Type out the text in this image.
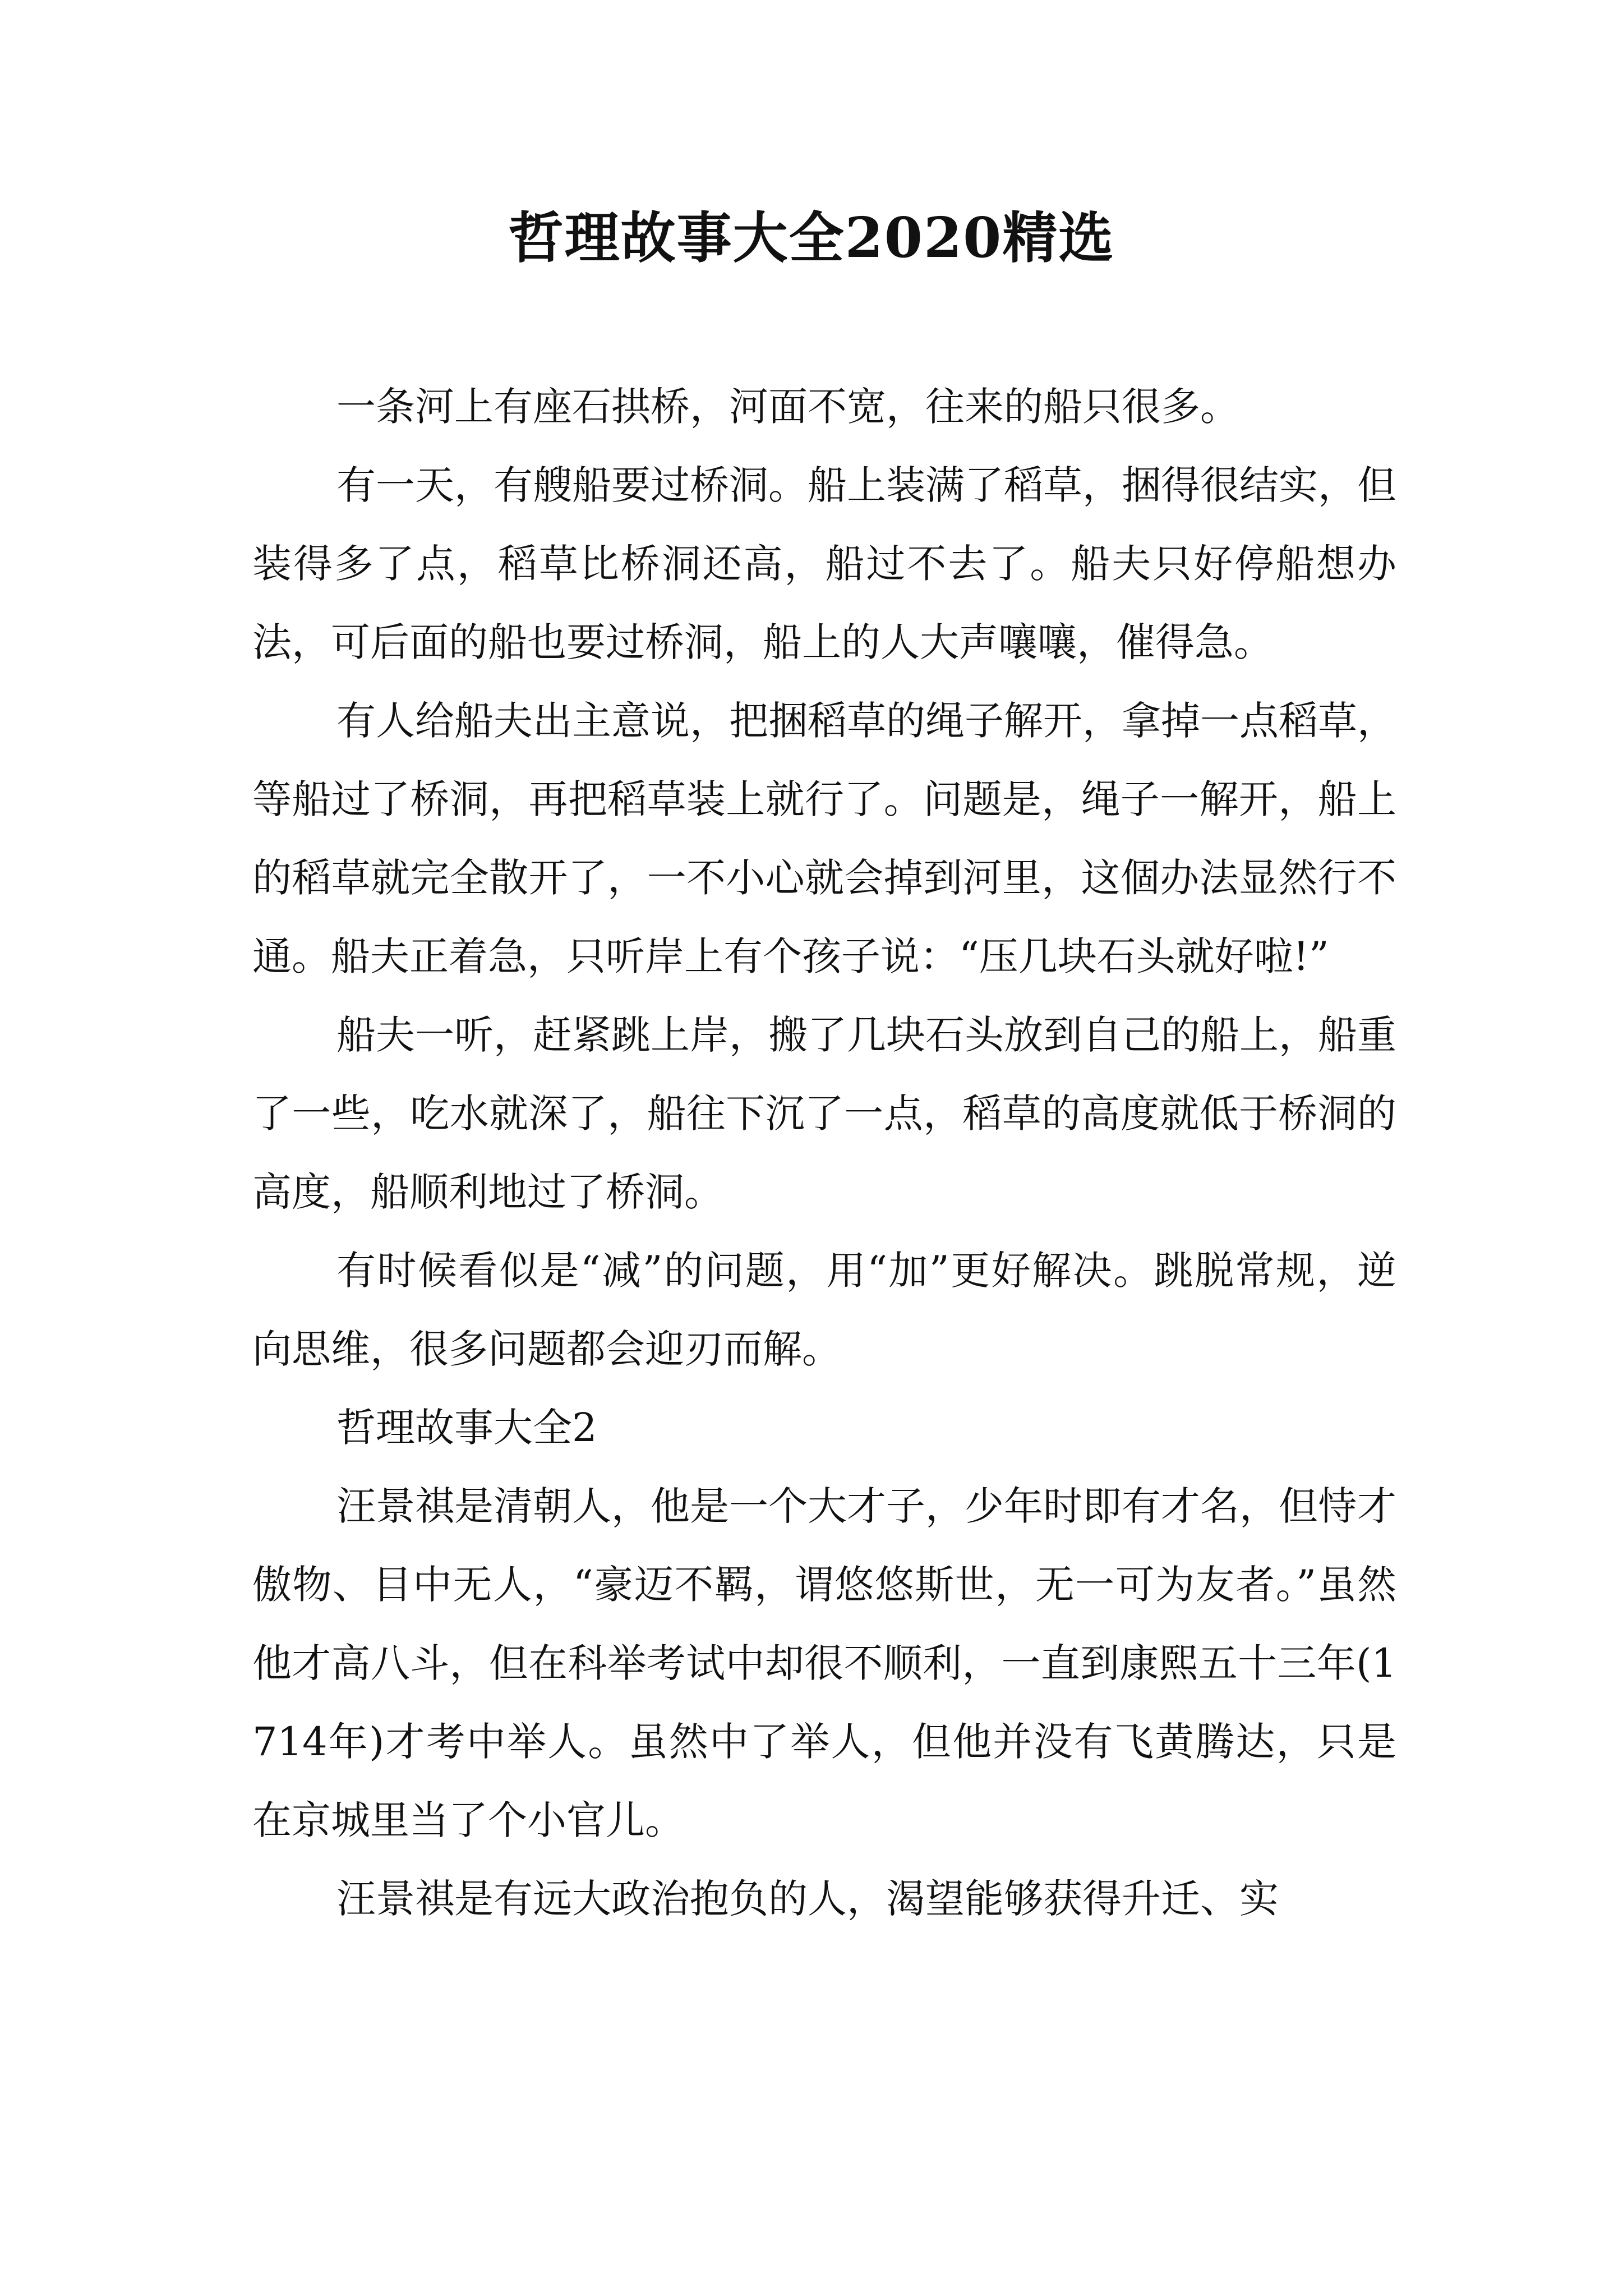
哲理故事大全2020精选

一条河上有座石拱桥，河面不宽，往来的船只很多。

有一天，有艘船要过桥洞。船上装满了稻草，捆得很结实，但装得多了点，稻草比桥洞还高，船过不去了。船夫只好停船想办法，可后面的船也要过桥洞，船上的人大声嚷嚷，催得急。

有人给船夫出主意说，把捆稻草的绳子解开，拿掉一点稻草，等船过了桥洞，再把稻草装上就行了。问题是，绳子一解开，船上的稻草就完全散开了，一不小心就会掉到河里，这個办法显然行不通。船夫正着急，只听岸上有个孩子说：“压几块石头就好啦!”

船夫一听，赶紧跳上岸，搬了几块石头放到自己的船上，船重了一些，吃水就深了，船往下沉了一点，稻草的高度就低于桥洞的高度，船顺利地过了桥洞。

有时候看似是“减”的问题，用“加”更好解决。跳脱常规，逆向思维，很多问题都会迎刃而解。

哲理故事大全2

汪景祺是清朝人，他是一个大才子，少年时即有才名，但恃才傲物、目中无人，“豪迈不羁，谓悠悠斯世，无一可为友者。”虽然他才高八斗，但在科举考试中却很不顺利，一直到康熙五十三年(1714年)才考中举人。虽然中了举人，但他并没有飞黄腾达，只是在京城里当了个小官儿。

汪景祺是有远大政治抱负的人，渴望能够获得升迁、实
